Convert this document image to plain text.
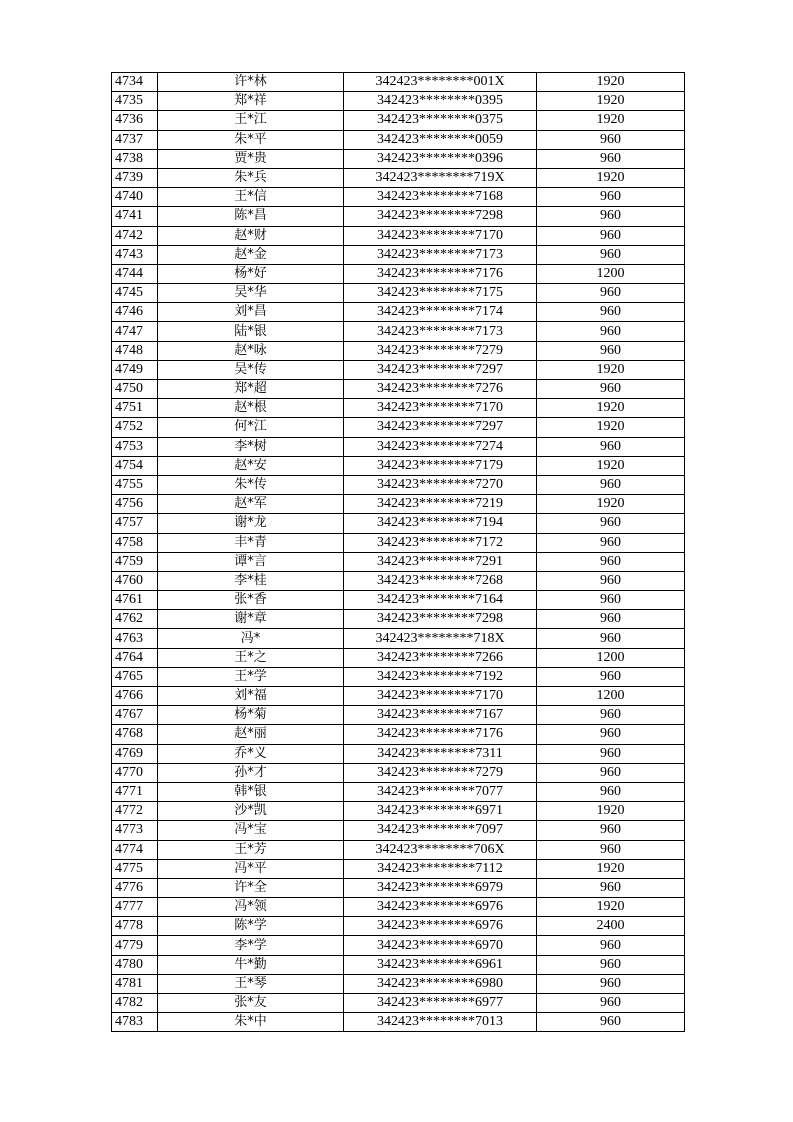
4734	许*林	342423********001X	1920
4735	郑*祥	342423********0395	1920
4736	王*江	342423********0375	1920
4737	朱*平	342423********0059	960
4738	贾*贵	342423********0396	960
4739	朱*兵	342423********719X	1920
4740	王*信	342423********7168	960
4741	陈*昌	342423********7298	960
4742	赵*财	342423********7170	960
4743	赵*金	342423********7173	960
4744	杨*好	342423********7176	1200
4745	吴*华	342423********7175	960
4746	刘*昌	342423********7174	960
4747	陆*银	342423********7173	960
4748	赵*咏	342423********7279	960
4749	吴*传	342423********7297	1920
4750	郑*超	342423********7276	960
4751	赵*根	342423********7170	1920
4752	何*江	342423********7297	1920
4753	李*树	342423********7274	960
4754	赵*安	342423********7179	1920
4755	朱*传	342423********7270	960
4756	赵*军	342423********7219	1920
4757	谢*龙	342423********7194	960
4758	丰*青	342423********7172	960
4759	谭*言	342423********7291	960
4760	李*桂	342423********7268	960
4761	张*香	342423********7164	960
4762	谢*章	342423********7298	960
4763	冯*	342423********718X	960
4764	王*之	342423********7266	1200
4765	王*学	342423********7192	960
4766	刘*福	342423********7170	1200
4767	杨*菊	342423********7167	960
4768	赵*丽	342423********7176	960
4769	乔*义	342423********7311	960
4770	孙*才	342423********7279	960
4771	韩*银	342423********7077	960
4772	沙*凯	342423********6971	1920
4773	冯*宝	342423********7097	960
4774	王*芳	342423********706X	960
4775	冯*平	342423********7112	1920
4776	许*全	342423********6979	960
4777	冯*领	342423********6976	1920
4778	陈*学	342423********6976	2400
4779	李*学	342423********6970	960
4780	牛*勤	342423********6961	960
4781	王*琴	342423********6980	960
4782	张*友	342423********6977	960
4783	朱*中	342423********7013	960
